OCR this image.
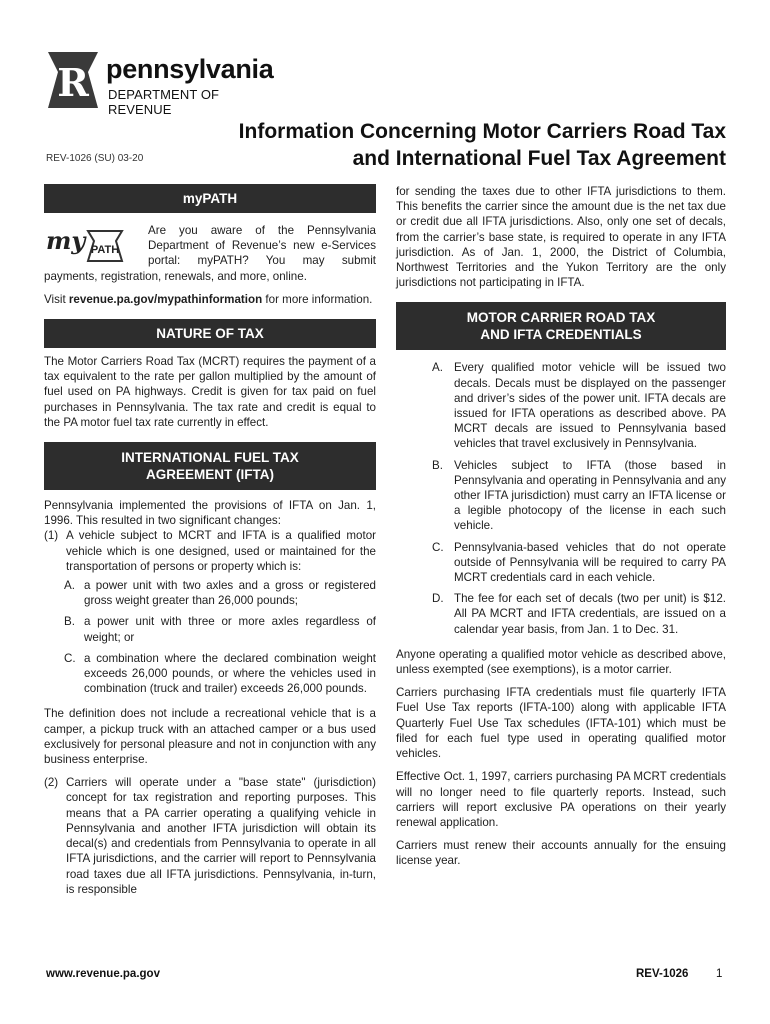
R pennsylvania
DEPARTMENT OF REVENUE
Information Concerning Motor Carriers Road Tax
and International Fuel Tax Agreement
REV-1026 (SU) 03-20
myPATH
my PATH

Are you aware of the Pennsylvania Department of Revenue’s new e-Services portal: myPATH? You may submit payments, registration, renewals, and more, online.

Visit revenue.pa.gov/mypathinformation for more information.

NATURE OF TAX

The Motor Carriers Road Tax (MCRT) requires the payment of a tax equivalent to the rate per gallon multiplied by the amount of fuel used on PA highways. Credit is given for tax paid on fuel purchases in Pennsylvania. The tax rate and credit is equal to the PA motor fuel tax rate currently in effect.

INTERNATIONAL FUEL TAX
AGREEMENT (IFTA)

Pennsylvania implemented the provisions of IFTA on Jan. 1, 1996. This resulted in two significant changes:

(1) A vehicle subject to MCRT and IFTA is a qualified motor vehicle which is one designed, used or maintained for the transportation of persons or property which is:
A. a power unit with two axles and a gross or registered gross weight greater than 26,000 pounds;
B. a power unit with three or more axles regardless of weight; or
C. a combination where the declared combination weight exceeds 26,000 pounds, or where the vehicles used in combination (truck and trailer) exceeds 26,000 pounds.

The definition does not include a recreational vehicle that is a camper, a pickup truck with an attached camper or a bus used exclusively for personal pleasure and not in conjunction with any business enterprise.

(2) Carriers will operate under a "base state" (jurisdiction) concept for tax registration and reporting purposes. This means that a PA carrier operating a qualifying vehicle in Pennsylvania and another IFTA jurisdiction will obtain its decal(s) and credentials from Pennsylvania to operate in all IFTA jurisdictions, and the carrier will report to Pennsylvania road taxes due all IFTA jurisdictions. Pennsylvania, in-turn, is responsible

for sending the taxes due to other IFTA jurisdictions to them. This benefits the carrier since the amount due is the net tax due or credit due all IFTA jurisdictions. Also, only one set of decals, from the carrier’s base state, is required to operate in any IFTA jurisdiction. As of Jan. 1, 2000, the District of Columbia, Northwest Territories and the Yukon Territory are the only jurisdictions not participating in IFTA.

MOTOR CARRIER ROAD TAX
AND IFTA CREDENTIALS
A. Every qualified motor vehicle will be issued two decals. Decals must be displayed on the passenger and driver’s sides of the power unit. IFTA decals are issued for IFTA operations as described above. PA MCRT decals are issued to Pennsylvania based vehicles that travel exclusively in Pennsylvania.
B. Vehicles subject to IFTA (those based in Pennsylvania and operating in Pennsylvania and any other IFTA jurisdiction) must carry an IFTA license or a legible photocopy of the license in each such vehicle.
C. Pennsylvania-based vehicles that do not operate outside of Pennsylvania will be required to carry PA MCRT credentials card in each vehicle.
D. The fee for each set of decals (two per unit) is $12. All PA MCRT and IFTA credentials, are issued on a calendar year basis, from Jan. 1 to Dec. 31.

Anyone operating a qualified motor vehicle as described above, unless exempted (see exemptions), is a motor carrier.

Carriers purchasing IFTA credentials must file quarterly IFTA Fuel Use Tax reports (IFTA-100) along with applicable IFTA Quarterly Fuel Use Tax schedules (IFTA-101) which must be filed for each fuel type used in operating qualified motor vehicles.

Effective Oct. 1, 1997, carriers purchasing PA MCRT credentials will no longer need to file quarterly reports. Instead, such carriers will report exclusive PA operations on their yearly renewal application.

Carriers must renew their accounts annually for the ensuing license year.

www.revenue.pa.gov	REV-1026 1
